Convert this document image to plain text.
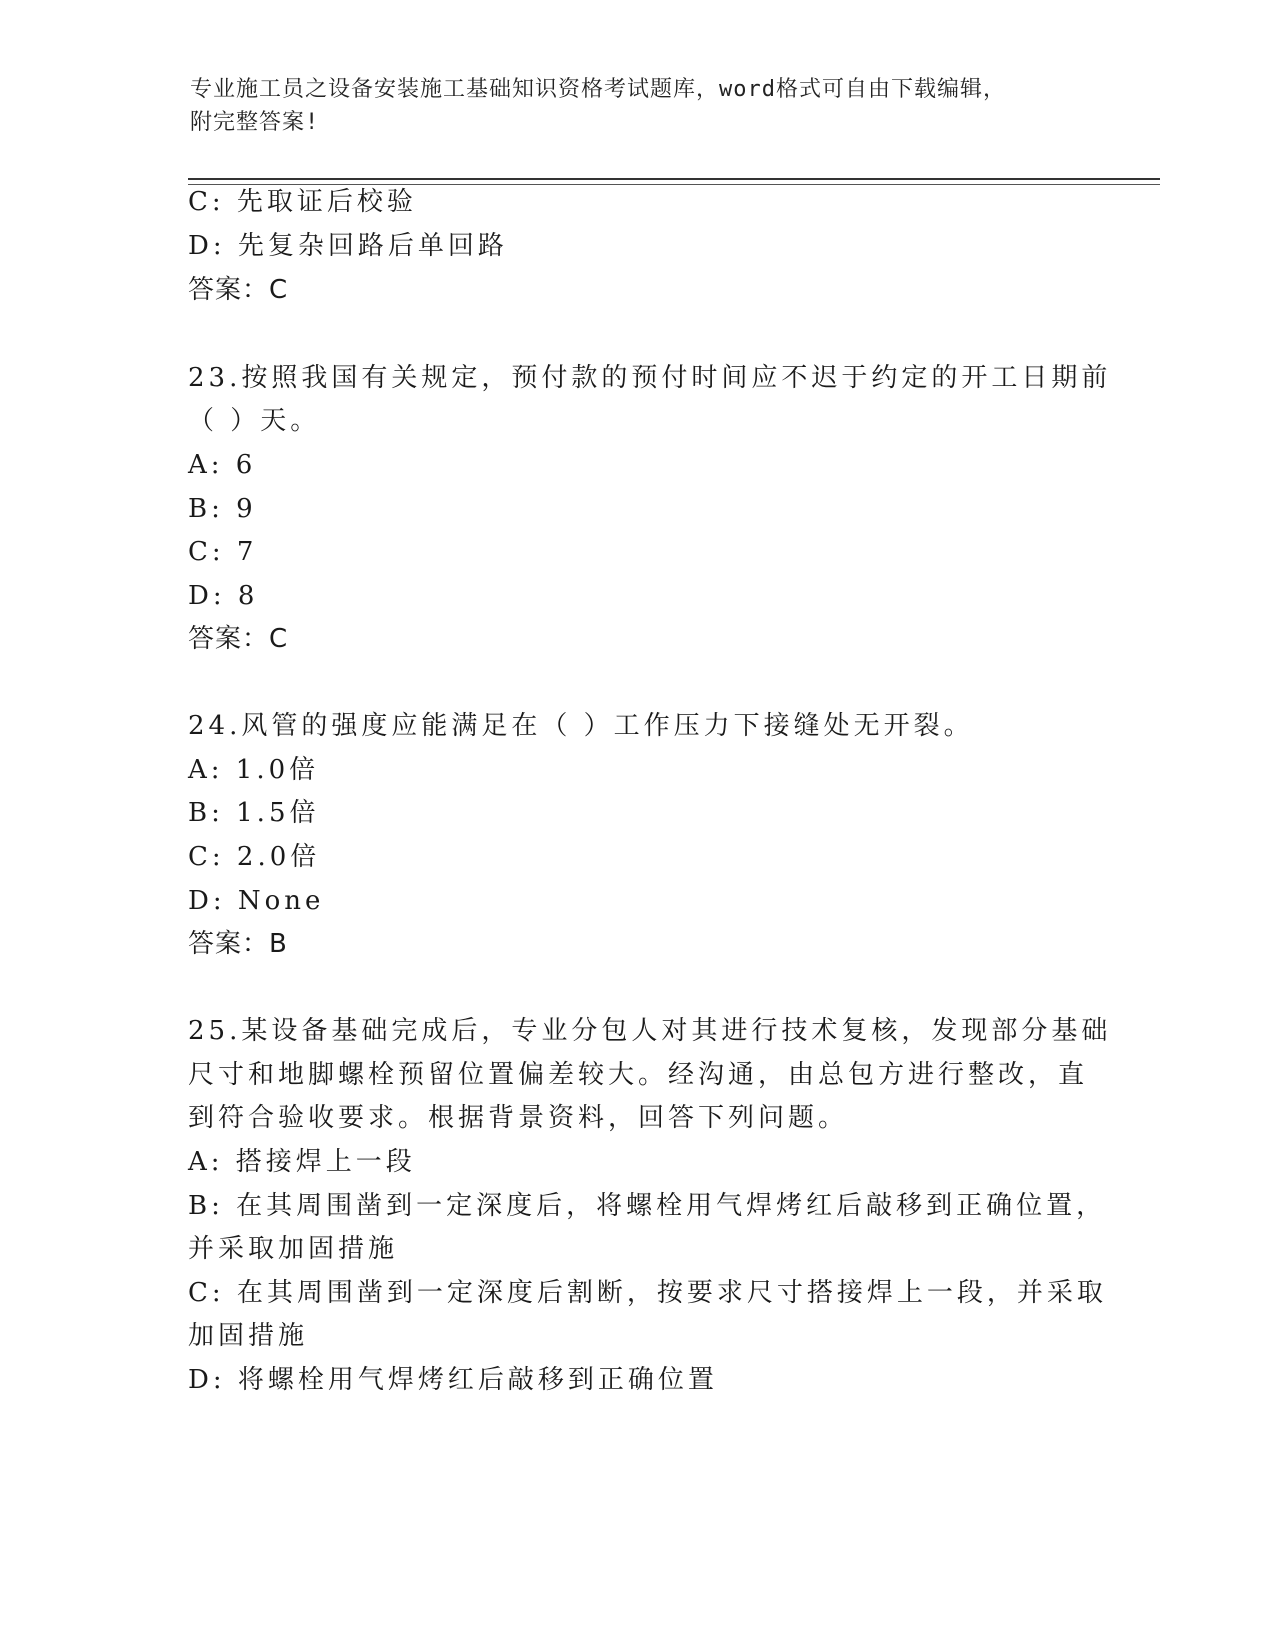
专业施工员之设备安装施工基础知识资格考试题库，word格式可自由下载编辑，
附完整答案!
C: 先取证后校验
D: 先复杂回路后单回路
答案：C
23.按照我国有关规定，预付款的预付时间应不迟于约定的开工日期前
（ ）天。
A: 6
B: 9
C: 7
D: 8
答案：C
24.风管的强度应能满足在（ ）工作压力下接缝处无开裂。
A: 1.0倍
B: 1.5倍
C: 2.0倍
D: None
答案：B
25.某设备基础完成后，专业分包人对其进行技术复核，发现部分基础
尺寸和地脚螺栓预留位置偏差较大。经沟通，由总包方进行整改，直
到符合验收要求。根据背景资料，回答下列问题。
A: 搭接焊上一段
B: 在其周围凿到一定深度后，将螺栓用气焊烤红后敲移到正确位置，
并采取加固措施
C: 在其周围凿到一定深度后割断，按要求尺寸搭接焊上一段，并采取
加固措施
D: 将螺栓用气焊烤红后敲移到正确位置
